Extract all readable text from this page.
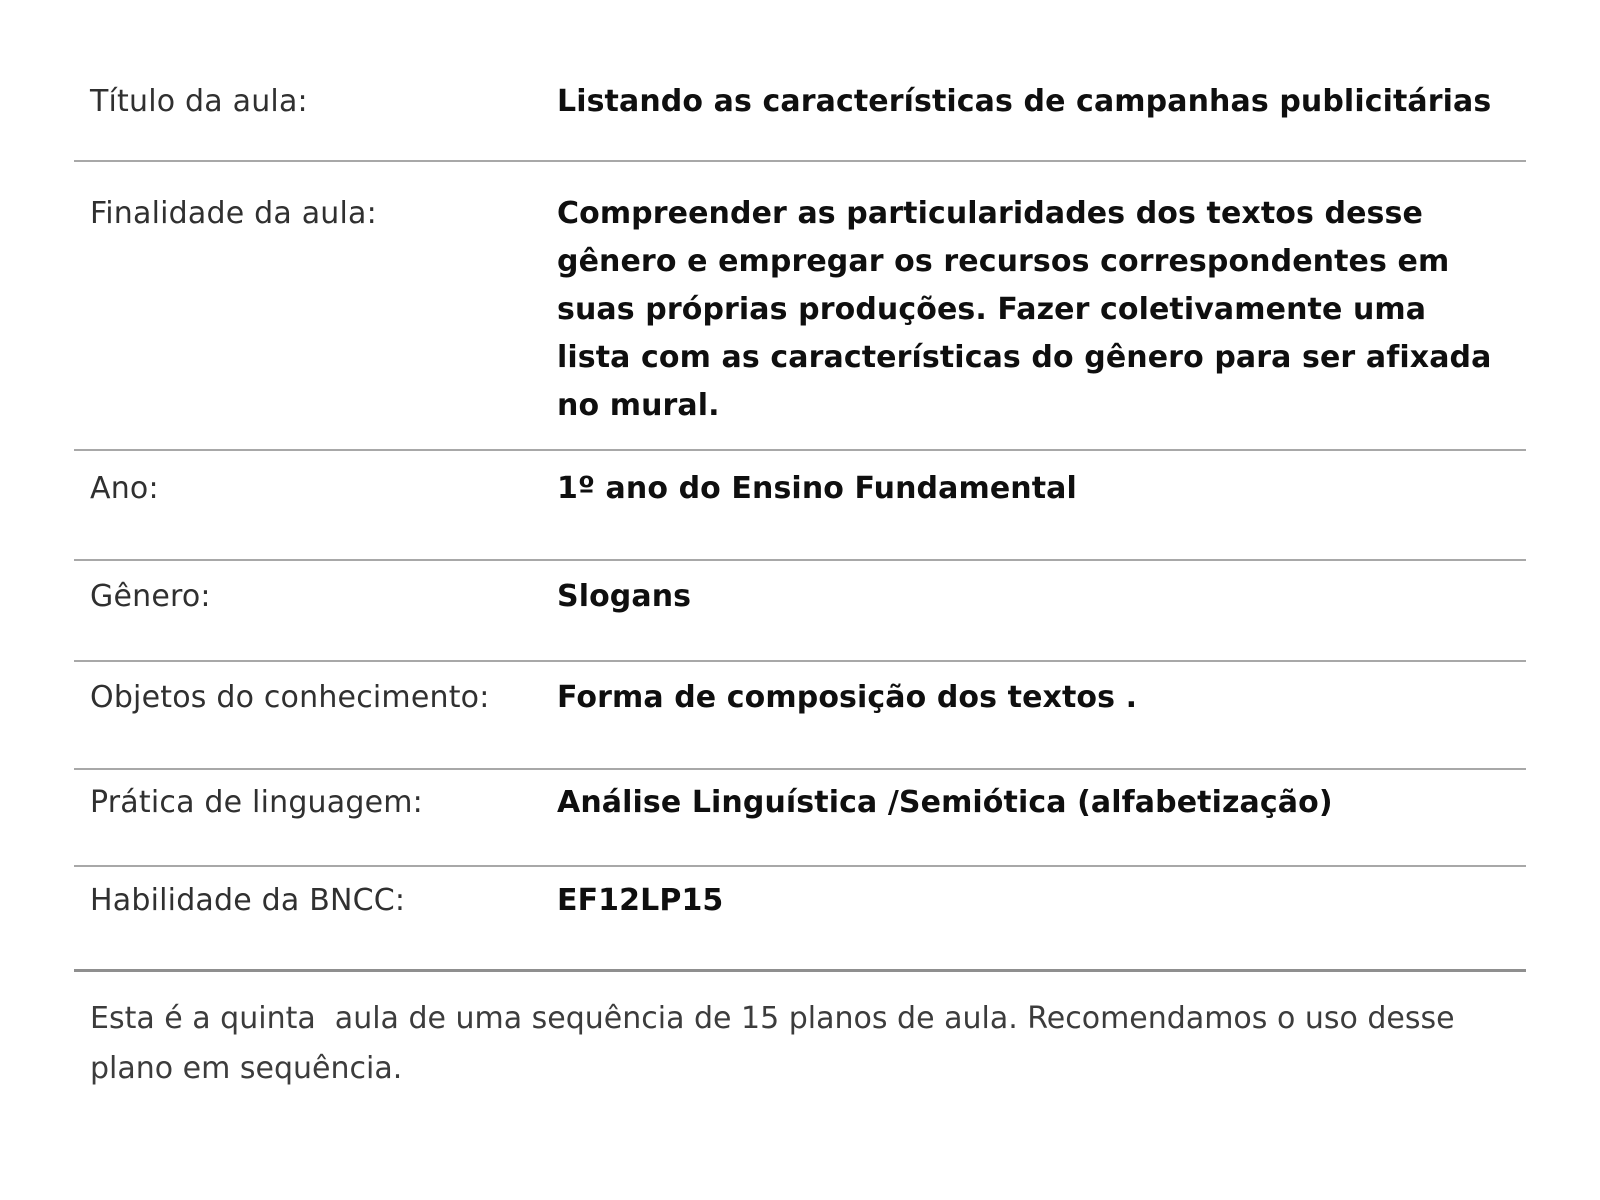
Título da aula:	Listando as características de campanhas publicitárias
Finalidade da aula:	Compreender as particularidades dos textos desse gênero e empregar os recursos correspondentes em suas próprias produções. Fazer coletivamente uma lista com as características do gênero para ser afixada no mural.
Ano:	1º ano do Ensino Fundamental
Gênero:	Slogans
Objetos do conhecimento:	Forma de composição dos textos .
Prática de linguagem:	Análise Linguística /Semiótica (alfabetização)
Habilidade da BNCC:	EF12LP15
Esta é a quinta  aula de uma sequência de 15 planos de aula. Recomendamos o uso desse plano em sequência.
